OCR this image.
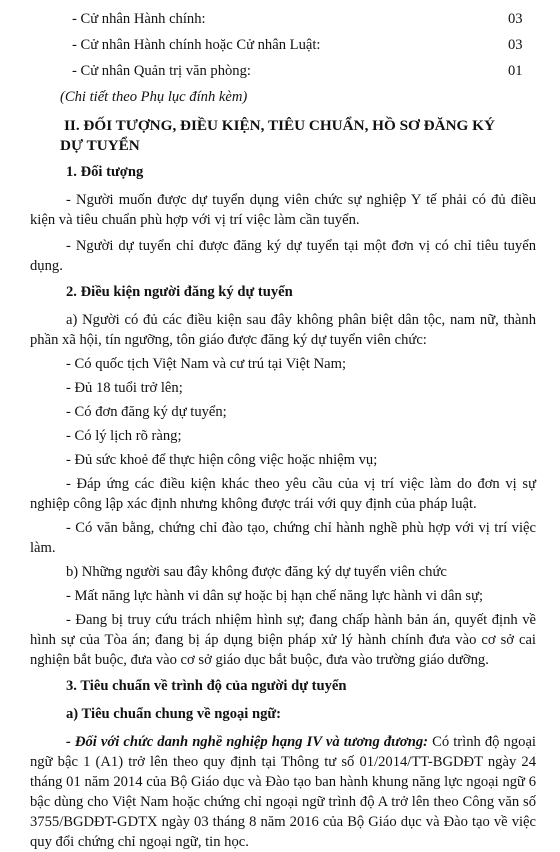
- Cử nhân Hành chính:	03
- Cử nhân Hành chính hoặc Cử nhân Luật:	03
- Cử nhân Quản trị văn phòng:	01
(Chi tiết theo Phụ lục đính kèm)
II. ĐỐI TƯỢNG, ĐIỀU KIỆN, TIÊU CHUẨN, HỒ SƠ ĐĂNG KÝ
DỰ TUYỂN
1. Đối tượng

- Người muốn được dự tuyển dụng viên chức sự nghiệp Y tế phải có đủ điều kiện và tiêu chuẩn phù hợp với vị trí việc làm cần tuyển.

- Người dự tuyển chỉ được đăng ký dự tuyển tại một đơn vị có chỉ tiêu tuyển dụng.

2. Điều kiện người đăng ký dự tuyển

a) Người có đủ các điều kiện sau đây không phân biệt dân tộc, nam nữ, thành phần xã hội, tín ngưỡng, tôn giáo được đăng ký dự tuyển viên chức:

- Có quốc tịch Việt Nam và cư trú tại Việt Nam;

- Đủ 18 tuổi trở lên;

- Có đơn đăng ký dự tuyển;

- Có lý lịch rõ ràng;

- Đủ sức khoẻ để thực hiện công việc hoặc nhiệm vụ;

- Đáp ứng các điều kiện khác theo yêu cầu của vị trí việc làm do đơn vị sự nghiệp công lập xác định nhưng không được trái với quy định của pháp luật.

- Có văn bằng, chứng chỉ đào tạo, chứng chỉ hành nghề phù hợp với vị trí việc làm.

b) Những người sau đây không được đăng ký dự tuyển viên chức

- Mất năng lực hành vi dân sự hoặc bị hạn chế năng lực hành vi dân sự;

- Đang bị truy cứu trách nhiệm hình sự; đang chấp hành bản án, quyết định về hình sự của Tòa án; đang bị áp dụng biện pháp xử lý hành chính đưa vào cơ sở cai nghiện bắt buộc, đưa vào cơ sở giáo dục bắt buộc, đưa vào trường giáo dưỡng.

3. Tiêu chuẩn về trình độ của người dự tuyển
a) Tiêu chuẩn chung về ngoại ngữ:

- Đối với chức danh nghề nghiệp hạng IV và tương đương: Có trình độ ngoại ngữ bậc 1 (A1) trở lên theo quy định tại Thông tư số 01/2014/TT-BGDĐT ngày 24 tháng 01 năm 2014 của Bộ Giáo dục và Đào tạo ban hành khung năng lực ngoại ngữ 6 bậc dùng cho Việt Nam hoặc chứng chỉ ngoại ngữ trình độ A trở lên theo Công văn số 3755/BGDĐT-GDTX ngày 03 tháng 8 năm 2016 của Bộ Giáo dục và Đào tạo về việc quy đổi chứng chỉ ngoại ngữ, tin học.
